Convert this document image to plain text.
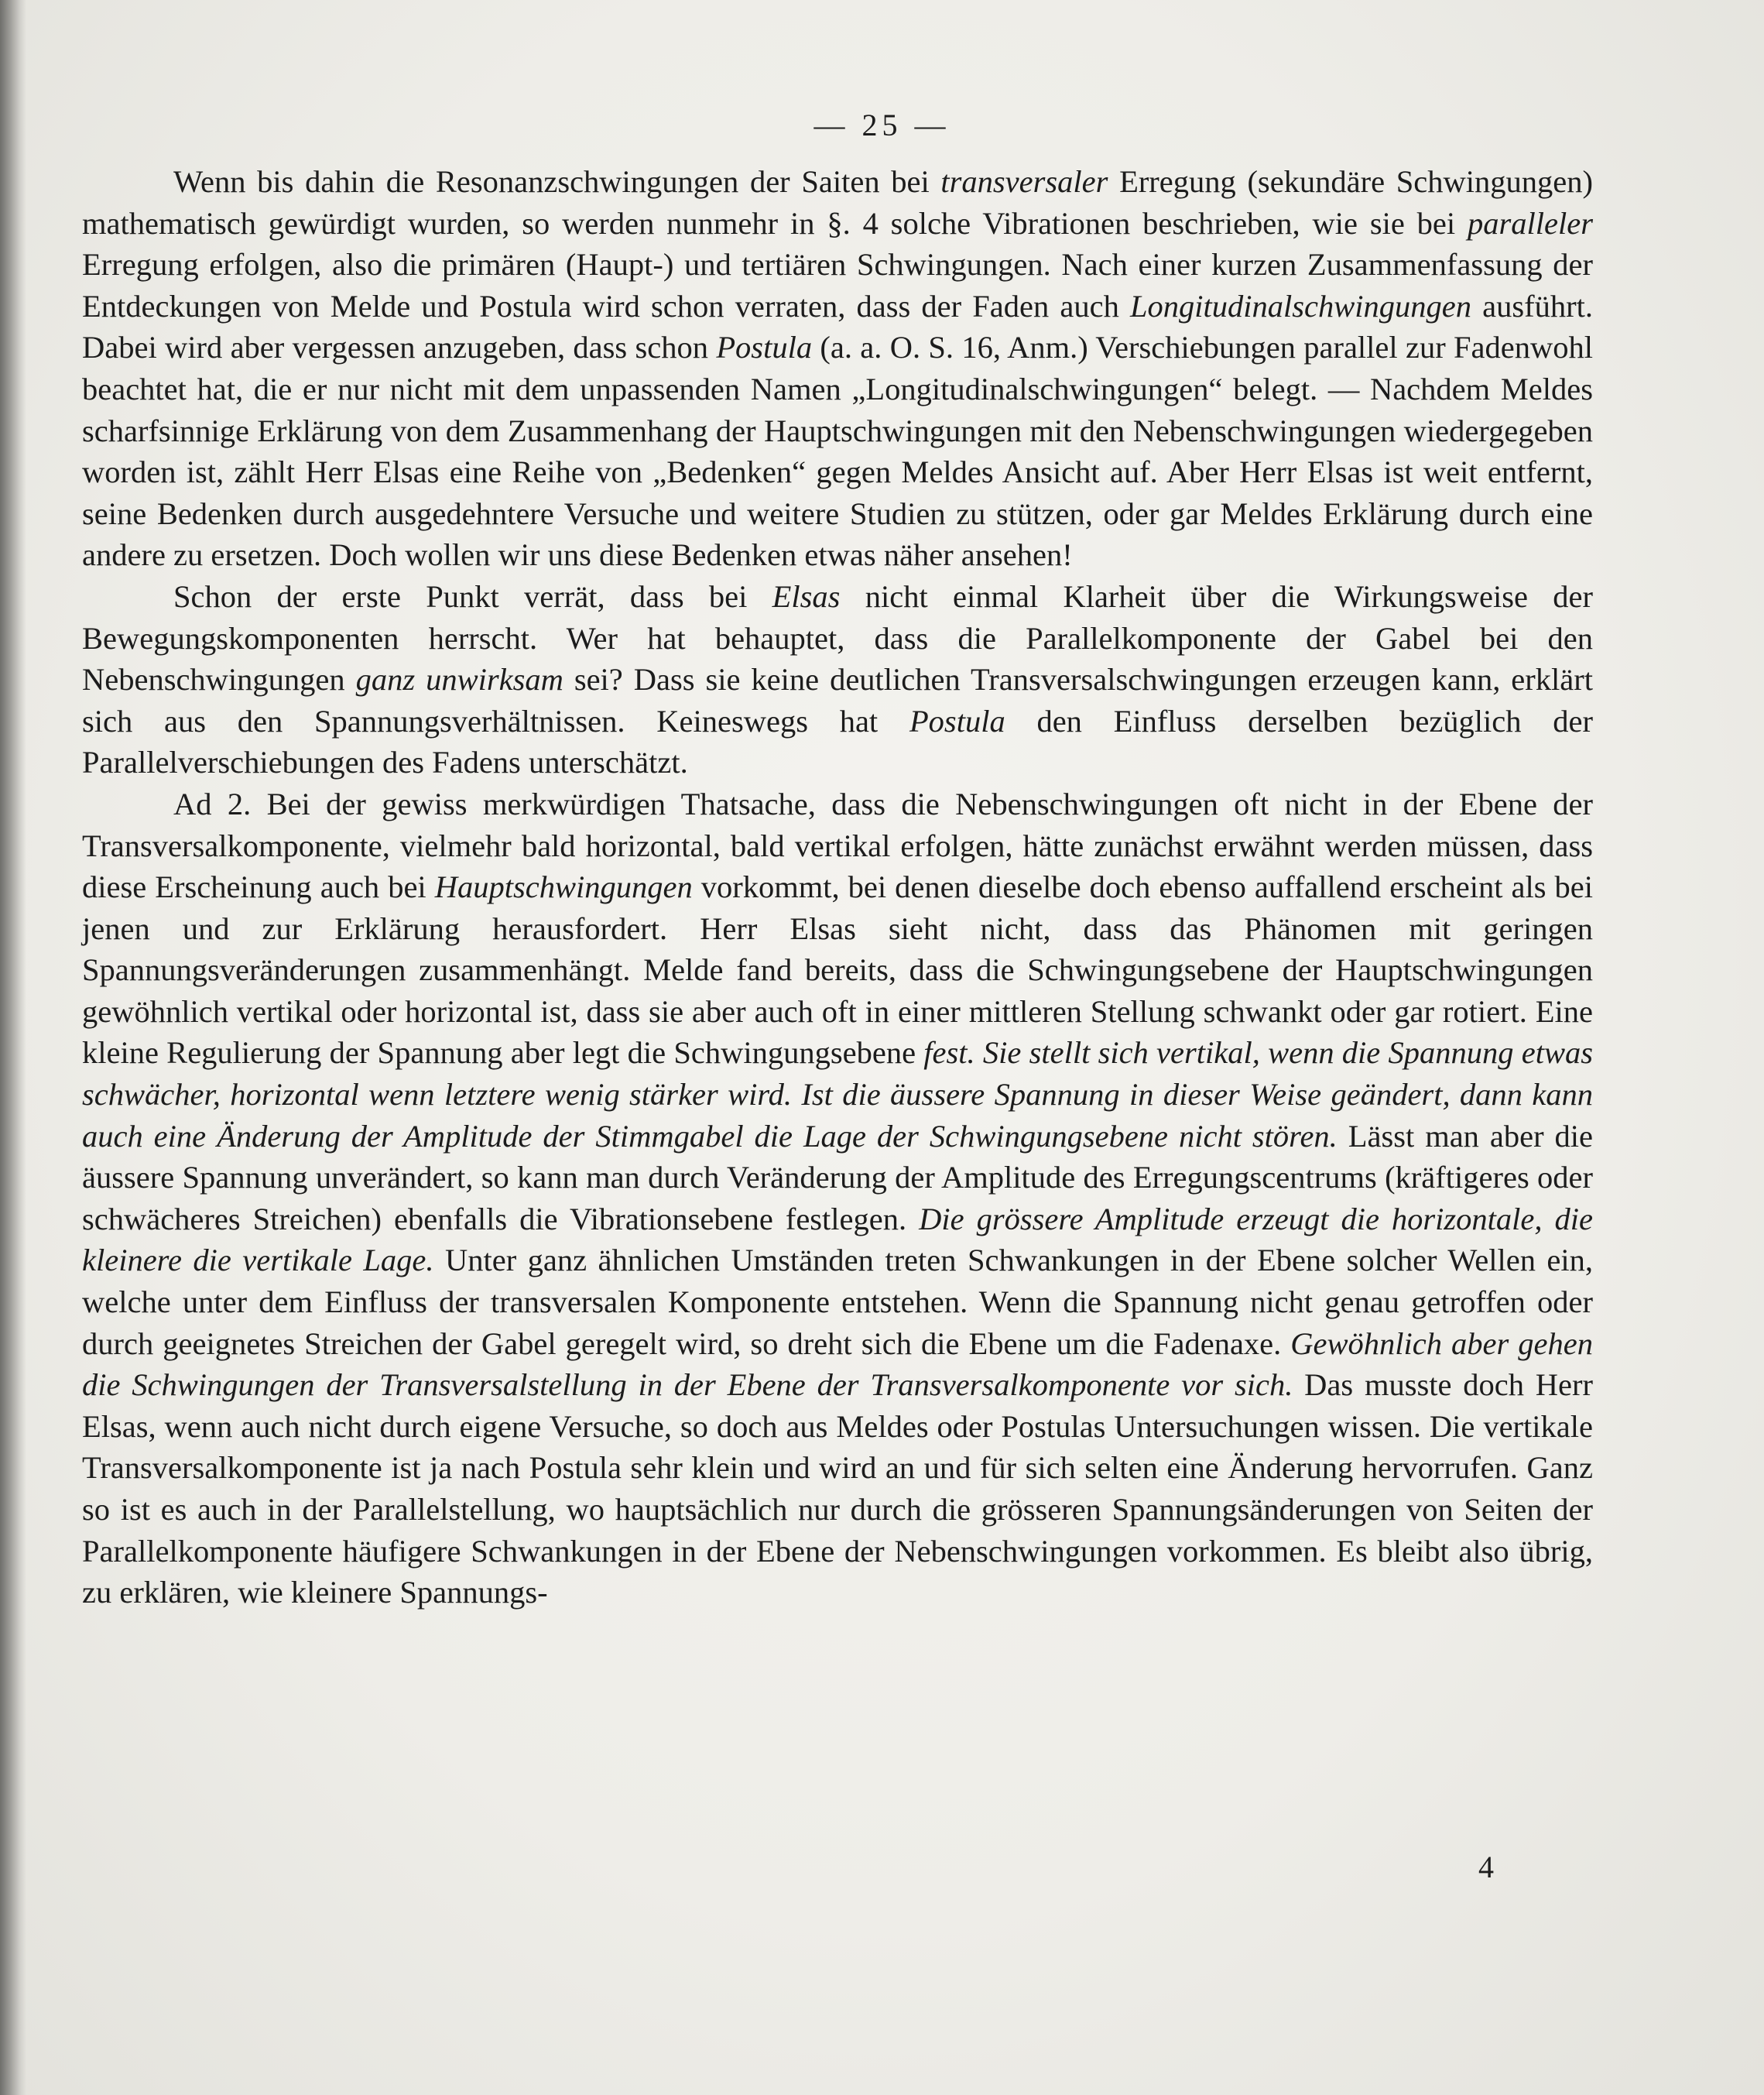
— 25 —

Wenn bis dahin die Resonanzschwingungen der Saiten bei transversaler Erregung (sekundäre Schwingungen) mathematisch gewürdigt wurden, so werden nunmehr in §. 4 solche Vibrationen beschrieben, wie sie bei paralleler Erregung erfolgen, also die primären (Haupt-) und tertiären Schwingungen. Nach einer kurzen Zusammenfassung der Entdeckungen von Melde und Postula wird schon verraten, dass der Faden auch Longitudinalschwingungen ausführt. Dabei wird aber vergessen anzugeben, dass schon Postula (a. a. O. S. 16, Anm.) Verschiebungen parallel zur Fadenwohl beachtet hat, die er nur nicht mit dem unpassenden Namen „Longitudinalschwingungen“ belegt. — Nachdem Meldes scharfsinnige Erklärung von dem Zusammenhang der Hauptschwingungen mit den Nebenschwingungen wiedergegeben worden ist, zählt Herr Elsas eine Reihe von „Bedenken“ gegen Meldes Ansicht auf. Aber Herr Elsas ist weit entfernt, seine Bedenken durch ausgedehntere Versuche und weitere Studien zu stützen, oder gar Meldes Erklärung durch eine andere zu ersetzen. Doch wollen wir uns diese Bedenken etwas näher ansehen!

Schon der erste Punkt verrät, dass bei Elsas nicht einmal Klarheit über die Wirkungsweise der Bewegungskomponenten herrscht. Wer hat behauptet, dass die Parallelkomponente der Gabel bei den Nebenschwingungen ganz unwirksam sei? Dass sie keine deutlichen Transversalschwingungen erzeugen kann, erklärt sich aus den Spannungsverhältnissen. Keineswegs hat Postula den Einfluss derselben bezüglich der Parallelverschiebungen des Fadens unterschätzt.

Ad 2. Bei der gewiss merkwürdigen Thatsache, dass die Nebenschwingungen oft nicht in der Ebene der Transversalkomponente, vielmehr bald horizontal, bald vertikal erfolgen, hätte zunächst erwähnt werden müssen, dass diese Erscheinung auch bei Hauptschwingungen vorkommt, bei denen dieselbe doch ebenso auffallend erscheint als bei jenen und zur Erklärung herausfordert. Herr Elsas sieht nicht, dass das Phänomen mit geringen Spannungsveränderungen zusammenhängt. Melde fand bereits, dass die Schwingungsebene der Hauptschwingungen gewöhnlich vertikal oder horizontal ist, dass sie aber auch oft in einer mittleren Stellung schwankt oder gar rotiert. Eine kleine Regulierung der Spannung aber legt die Schwingungsebene fest. Sie stellt sich vertikal, wenn die Spannung etwas schwächer, horizontal wenn letztere wenig stärker wird. Ist die äussere Spannung in dieser Weise geändert, dann kann auch eine Änderung der Amplitude der Stimmgabel die Lage der Schwingungsebene nicht stören. Lässt man aber die äussere Spannung unverändert, so kann man durch Veränderung der Amplitude des Erregungscentrums (kräftigeres oder schwächeres Streichen) ebenfalls die Vibrationsebene festlegen. Die grössere Amplitude erzeugt die horizontale, die kleinere die vertikale Lage. Unter ganz ähnlichen Umständen treten Schwankungen in der Ebene solcher Wellen ein, welche unter dem Einfluss der transversalen Komponente entstehen. Wenn die Spannung nicht genau getroffen oder durch geeignetes Streichen der Gabel geregelt wird, so dreht sich die Ebene um die Fadenaxe. Gewöhnlich aber gehen die Schwingungen der Transversalstellung in der Ebene der Transversalkomponente vor sich. Das musste doch Herr Elsas, wenn auch nicht durch eigene Versuche, so doch aus Meldes oder Postulas Untersuchungen wissen. Die vertikale Transversalkomponente ist ja nach Postula sehr klein und wird an und für sich selten eine Änderung hervorrufen. Ganz so ist es auch in der Parallelstellung, wo hauptsächlich nur durch die grösseren Spannungsänderungen von Seiten der Parallelkomponente häufigere Schwankungen in der Ebene der Nebenschwingungen vorkommen. Es bleibt also übrig, zu erklären, wie kleinere Spannungs-

4
